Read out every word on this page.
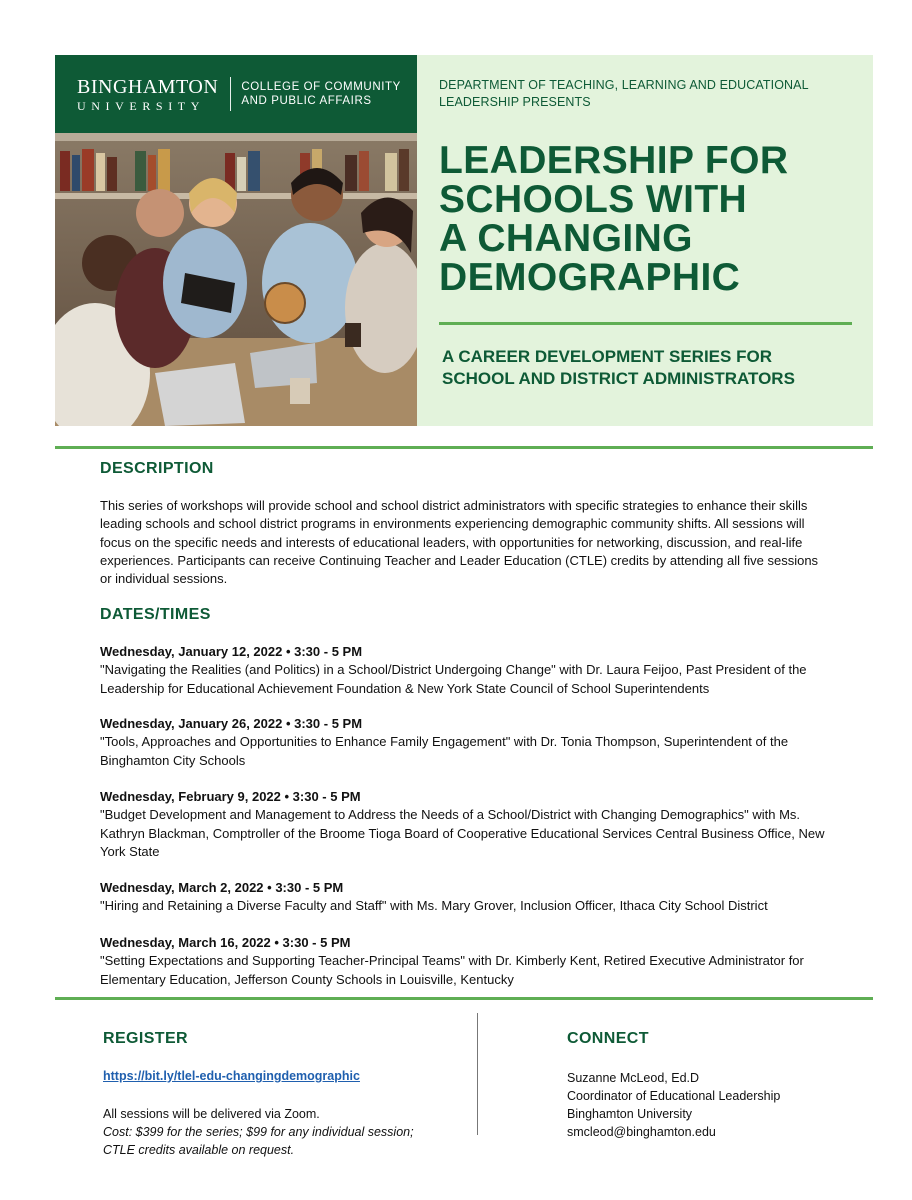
BINGHAMTON
UNIVERSITY
COLLEGE OF COMMUNITY AND PUBLIC AFFAIRS
DEPARTMENT OF TEACHING, LEARNING AND EDUCATIONAL LEADERSHIP PRESENTS
LEADERSHIP FOR
SCHOOLS WITH
A CHANGING
DEMOGRAPHIC
A CAREER DEVELOPMENT SERIES FOR
SCHOOL AND DISTRICT ADMINISTRATORS
DESCRIPTION
This series of workshops will provide school and school district administrators with specific strategies to enhance their skills leading schools and school district programs in environments experiencing demographic community shifts. All sessions will focus on the specific needs and interests of educational leaders, with opportunities for networking, discussion, and real-life experiences. Participants can receive Continuing Teacher and Leader Education (CTLE) credits by attending all five sessions or individual sessions.
DATES/TIMES
Wednesday, January 12, 2022 • 3:30 - 5 PM
"Navigating the Realities (and Politics) in a School/District Undergoing Change" with Dr. Laura Feijoo, Past President of the Leadership for Educational Achievement Foundation & New York State Council of School Superintendents
Wednesday, January 26, 2022 • 3:30 - 5 PM
"Tools, Approaches and Opportunities to Enhance Family Engagement" with Dr. Tonia Thompson, Superintendent of the Binghamton City Schools
Wednesday, February 9, 2022 • 3:30 - 5 PM
"Budget Development and Management to Address the Needs of a School/District with Changing Demographics" with Ms. Kathryn Blackman, Comptroller of the Broome Tioga Board of Cooperative Educational Services Central Business Office, New York State
Wednesday, March 2, 2022 • 3:30 - 5 PM
"Hiring and Retaining a Diverse Faculty and Staff" with Ms. Mary Grover, Inclusion Officer, Ithaca City School District
Wednesday, March 16, 2022 • 3:30 - 5 PM
"Setting Expectations and Supporting Teacher-Principal Teams" with Dr. Kimberly Kent, Retired Executive Administrator for Elementary Education, Jefferson County Schools in Louisville, Kentucky
REGISTER
https://bit.ly/tlel-edu-changingdemographic
All sessions will be delivered via Zoom.
Cost: $399 for the series; $99 for any individual session;
CTLE credits available on request.
CONNECT
Suzanne McLeod, Ed.D
Coordinator of Educational Leadership
Binghamton University
smcleod@binghamton.edu
